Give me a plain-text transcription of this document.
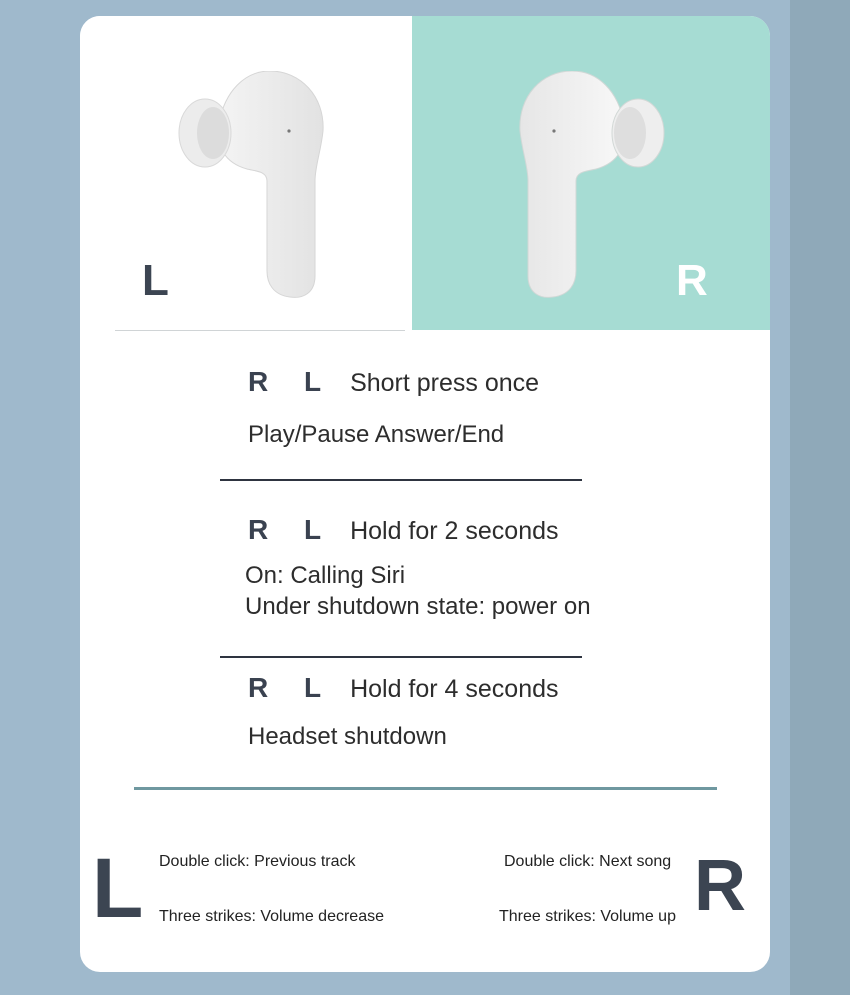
L	R
R L Short press once
Play/Pause Answer/End
R L Hold for 2 seconds
On: Calling Siri
Under shutdown state: power on
R L Hold for 4 seconds
Headset shutdown
L Double click: Previous track
Three strikes: Volume decrease
Double click: Next song
Three strikes: Volume up R
